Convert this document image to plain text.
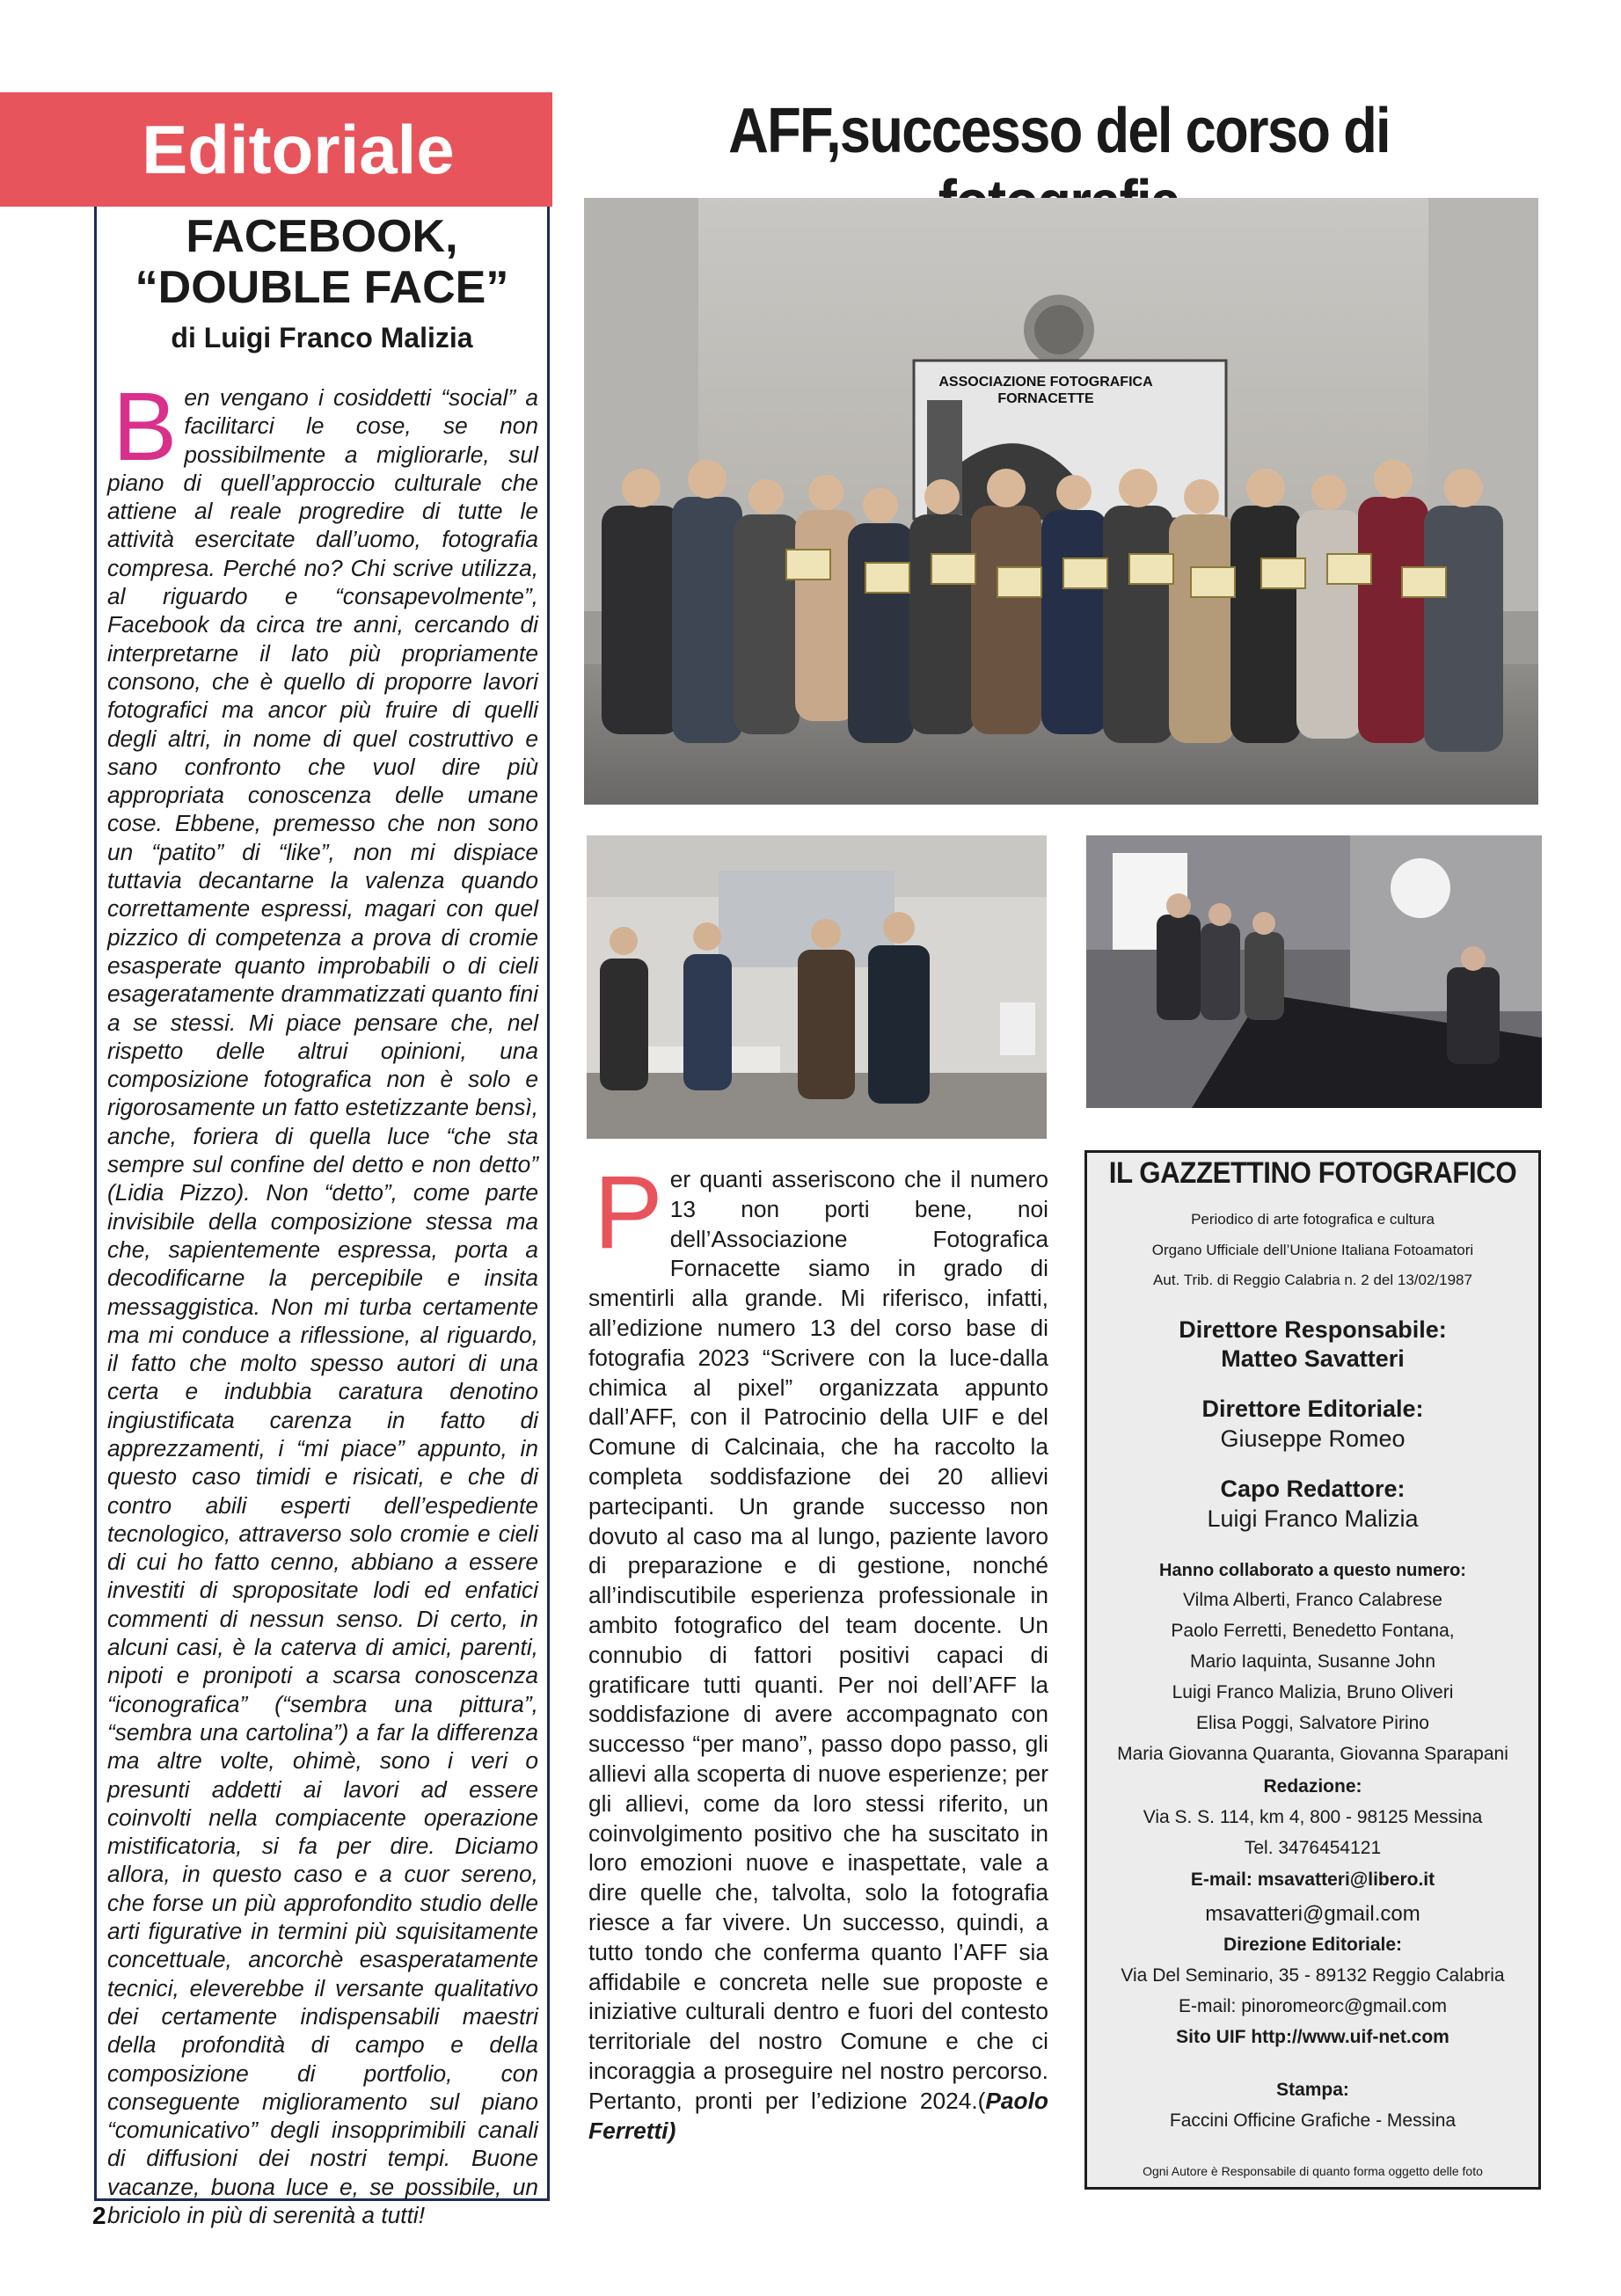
Editoriale
FACEBOOK,
“DOUBLE FACE”
di Luigi Franco Malizia
Ben vengano i cosiddetti “social” a facilitarci le cose, se non possibilmente a migliorarle, sul piano di quell’approccio culturale che attiene al reale progredire di tutte le attività esercitate dall’uomo, fotografia compresa. Perché no? Chi scrive utilizza, al riguardo e “consapevolmente”, Facebook da circa tre anni, cercando di interpretarne il lato più propriamente consono, che è quello di proporre lavori fotografici ma ancor più fruire di quelli degli altri, in nome di quel costruttivo e sano confronto che vuol dire più appropriata conoscenza delle umane cose. Ebbene, premesso che non sono un “patito” di “like”, non mi dispiace tuttavia decantarne la valenza quando correttamente espressi, magari con quel pizzico di competenza a prova di cromie esasperate quanto improbabili o di cieli esageratamente drammatizzati quanto fini a se stessi. Mi piace pensare che, nel rispetto delle altrui opinioni, una composizione fotografica non è solo e rigorosamente un fatto estetizzante bensì, anche, foriera di quella luce “che sta sempre sul confine del detto e non detto” (Lidia Pizzo). Non “detto”, come parte invisibile della composizione stessa ma che, sapientemente espressa, porta a decodificarne la percepibile e insita messaggistica. Non mi turba certamente ma mi conduce a riflessione, al riguardo, il fatto che molto spesso autori di una certa e indubbia caratura denotino ingiustificata carenza in fatto di apprezzamenti, i “mi piace” appunto, in questo caso timidi e risicati, e che di contro abili esperti dell’espediente tecnologico, attraverso solo cromie e cieli di cui ho fatto cenno, abbiano a essere investiti di spropositate lodi ed enfatici commenti di nessun senso. Di certo, in alcuni casi, è la caterva di amici, parenti, nipoti e pronipoti a scarsa conoscenza “iconografica” (“sembra una pittura”, “sembra una cartolina”) a far la differenza ma altre volte, ohimè, sono i veri o presunti addetti ai lavori ad essere coinvolti nella compiacente operazione mistificatoria, si fa per dire. Diciamo allora, in questo caso e a cuor sereno, che forse un più approfondito studio delle arti figurative in termini più squisitamente concettuale, ancorchè esasperatamente tecnici, eleverebbe il versante qualitativo dei certamente indispensabili maestri della profondità di campo e della composizione di portfolio, con conseguente miglioramento sul piano “comunicativo” degli insopprimibili canali di diffusioni dei nostri tempi. Buone vacanze, buona luce e, se possibile, un briciolo in più di serenità a tutti!
2
AFF,successo del corso di
ASSOCIAZIONE FOTOGRAFICA FORNACETTE
Per quanti asseriscono che il numero 13 non porti bene, noi dell’Associazione Fotografica Fornacette siamo in grado di smentirli alla grande. Mi riferisco, infatti, all’edizione numero 13 del corso base di fotografia 2023 “Scrivere con la luce-dalla chimica al pixel” organizzata appunto dall’AFF, con il Patrocinio della UIF e del Comune di Calcinaia, che ha raccolto la completa soddisfazione dei 20 allievi partecipanti. Un grande successo non dovuto al caso ma al lungo, paziente lavoro di preparazione e di gestione, nonché all’indiscutibile esperienza professionale in ambito fotografico del team docente. Un connubio di fattori positivi capaci di gratificare tutti quanti. Per noi dell’AFF la soddisfazione di avere accompagnato con successo “per mano”, passo dopo passo, gli allievi alla scoperta di nuove esperienze; per gli allievi, come da loro stessi riferito, un coinvolgimento positivo che ha suscitato in loro emozioni nuove e inaspettate, vale a dire quelle che, talvolta, solo la fotografia riesce a far vivere. Un successo, quindi, a tutto tondo che conferma quanto l’AFF sia affidabile e concreta nelle sue proposte e iniziative culturali dentro e fuori del contesto territoriale del nostro Comune e che ci incoraggia a proseguire nel nostro percorso. Pertanto, pronti per l’edizione 2024.(Paolo Ferretti)
IL GAZZETTINO FOTOGRAFICO
Periodico di arte fotografica e cultura
Organo Ufficiale dell’Unione Italiana Fotoamatori
Aut. Trib. di Reggio Calabria n. 2 del 13/02/1987
Direttore Responsabile:
Matteo Savatteri
Direttore Editoriale:
Giuseppe Romeo
Capo Redattore:
Luigi Franco Malizia
Hanno collaborato a questo numero:
Vilma Alberti, Franco Calabrese
Paolo Ferretti, Benedetto Fontana,
Mario Iaquinta, Susanne John
Luigi Franco Malizia, Bruno Oliveri
Elisa Poggi, Salvatore Pirino
Maria Giovanna Quaranta, Giovanna Sparapani
Redazione:
Via S. S. 114, km 4, 800 - 98125 Messina
Tel. 3476454121
E-mail: msavatteri@libero.it
msavatteri@gmail.com
Direzione Editoriale:
Via Del Seminario, 35 - 89132 Reggio Calabria
E-mail: pinoromeorc@gmail.com
Sito UIF http://www.uif-net.com
Stampa:
Faccini Officine Grafiche - Messina
Ogni Autore è Responsabile di quanto forma oggetto delle foto
